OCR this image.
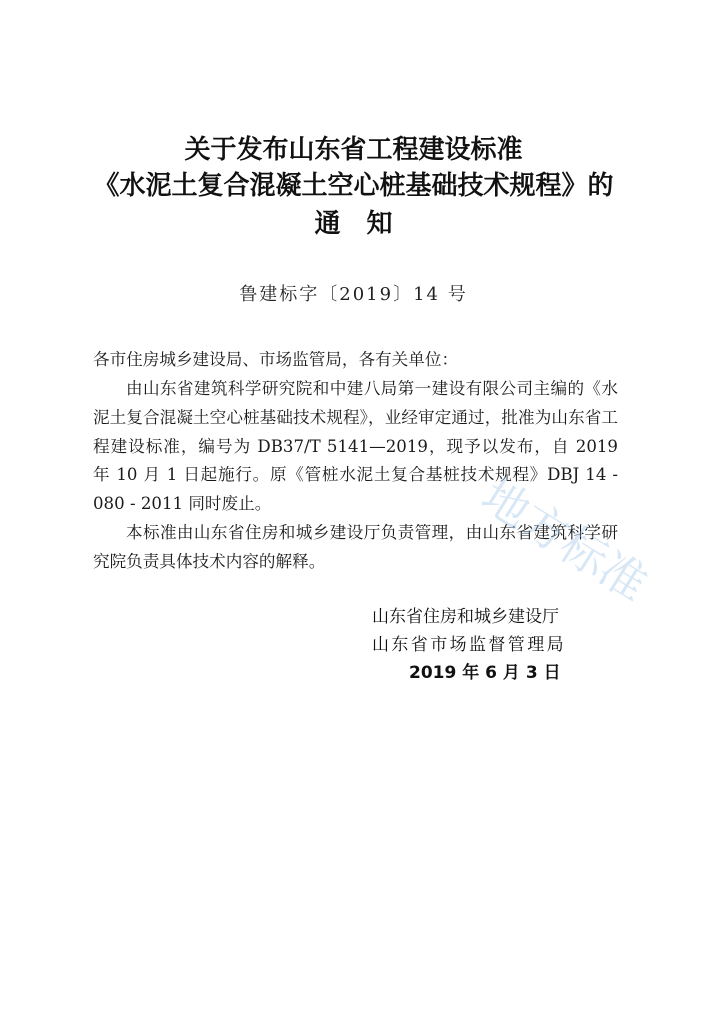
关于发布山东省工程建设标准
《水泥土复合混凝土空心桩基础技术规程》的
通知
鲁建标字〔2019〕14 号

各市住房城乡建设局、市场监管局，各有关单位：

由山东省建筑科学研究院和中建八局第一建设有限公司主编的《水泥土复合混凝土空心桩基础技术规程》，业经审定通过，批准为山东省工程建设标准，编号为 DB37/T 5141—2019，现予以发布，自 2019 年 10 月 1 日起施行。原《管桩水泥土复合基桩技术规程》DBJ 14 - 080 - 2011 同时废止。

本标准由山东省住房和城乡建设厅负责管理，由山东省建筑科学研究院负责具体技术内容的解释。

山东省住房和城乡建设厅
山东省市场监督管理局
2019 年 6 月 3 日
地方标准
